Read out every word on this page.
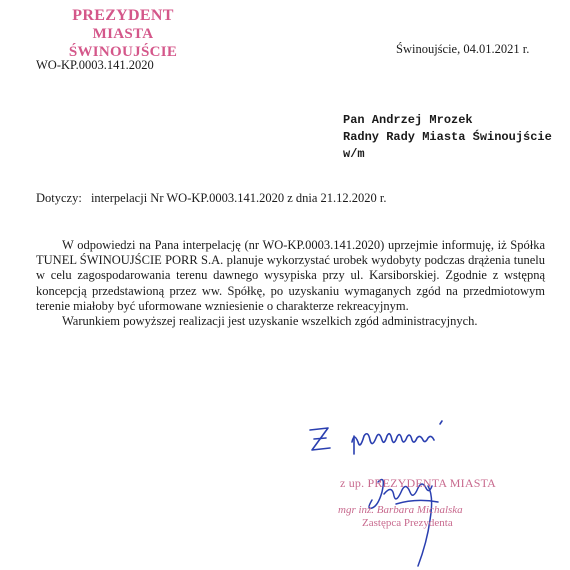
PREZYDENT
MIASTA ŚWINOUJŚCIE
WO-KP.0003.141.2020
Świnoujście, 04.01.2021 r.
Pan Andrzej Mrozek
Radny Rady Miasta Świnoujście
w/m
Dotyczy: interpelacji Nr WO-KP.0003.141.2020 z dnia 21.12.2020 r.

W odpowiedzi na Pana interpelację (nr WO-KP.0003.141.2020) uprzejmie informuję, iż Spółka TUNEL ŚWINOUJŚCIE PORR S.A. planuje wykorzystać urobek wydobyty podczas drążenia tunelu w celu zagospodarowania terenu dawnego wysypiska przy ul. Karsiborskiej. Zgodnie z wstępną koncepcją przedstawioną przez ww. Spółkę, po uzyskaniu wymaganych zgód na przedmiotowym terenie miałoby być uformowane wzniesienie o charakterze rekreacyjnym.

Warunkiem powyższej realizacji jest uzyskanie wszelkich zgód administracyjnych.

z up. PREZYDENTA MIASTA
mgr inż. Barbara Michalska
Zastępca Prezydenta
